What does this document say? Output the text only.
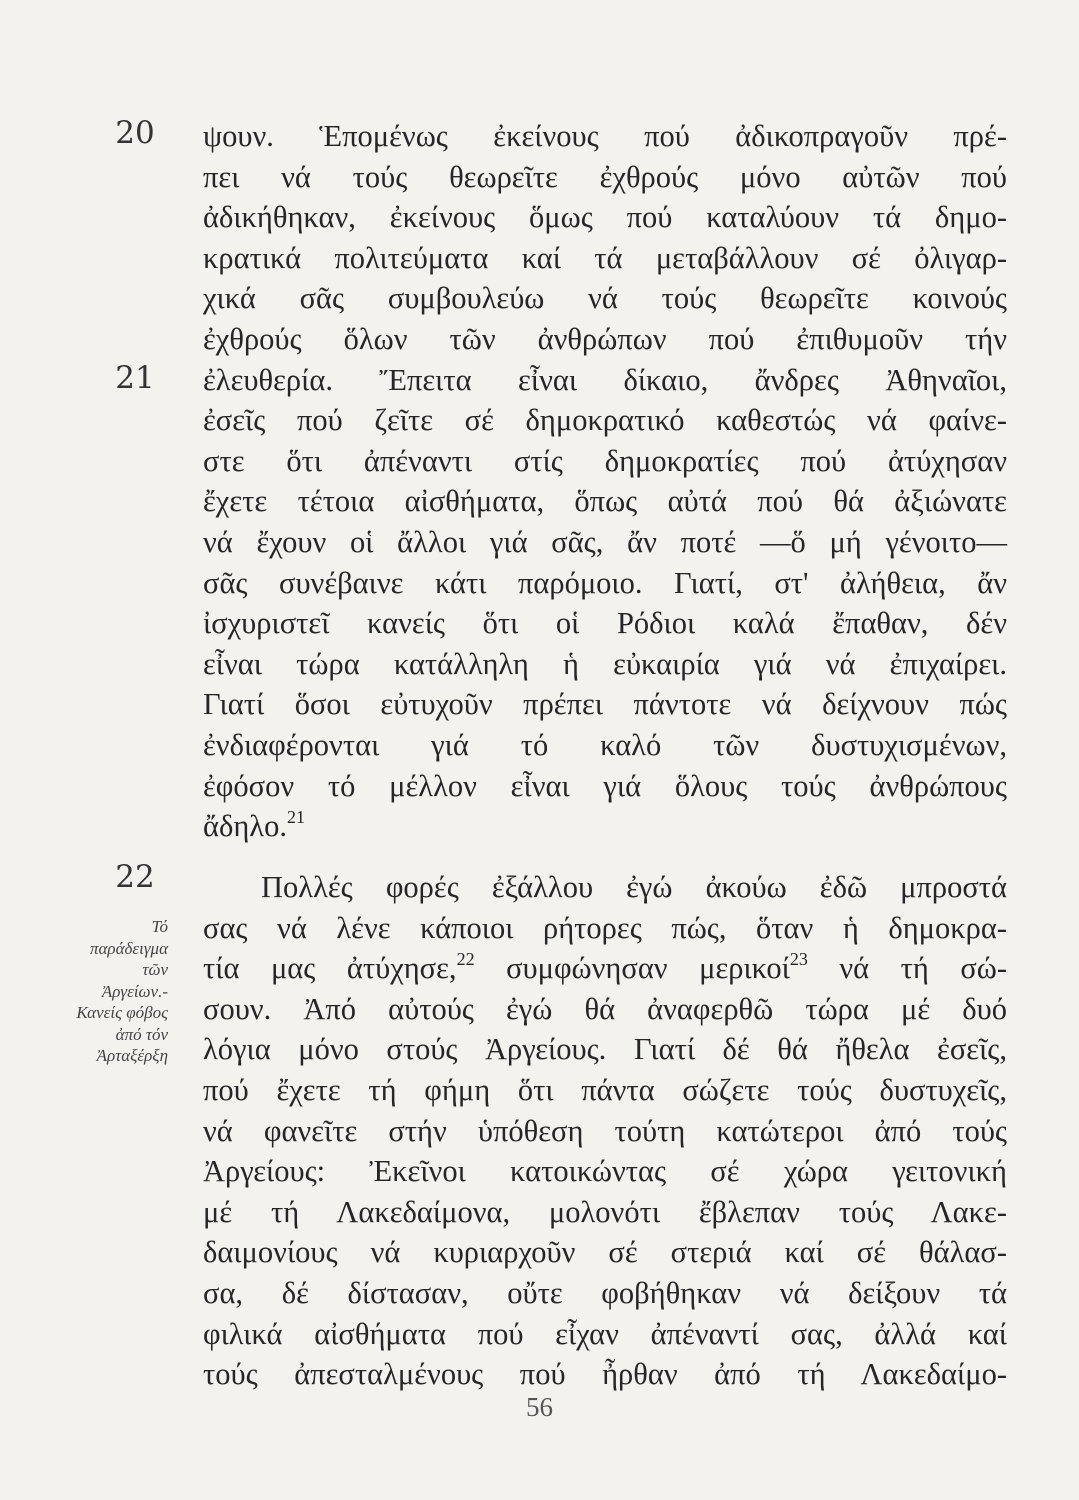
20
21
22
ψουν. Ἑπομένως ἐκείνους πού ἀδικοπραγοῦν πρέ-
πει νά τούς θεωρεῖτε ἐχθρούς μόνο αὐτῶν πού
ἀδικήθηκαν, ἐκείνους ὅμως πού καταλύουν τά δημο-
κρατικά πολιτεύματα καί τά μεταβάλλουν σέ ὀλιγαρ-
χικά σᾶς συμβουλεύω νά τούς θεωρεῖτε κοινούς
ἐχθρούς ὅλων τῶν ἀνθρώπων πού ἐπιθυμοῦν τήν
ἐλευθερία. Ἔπειτα εἶναι δίκαιο, ἄνδρες Ἀθηναῖοι,
ἐσεῖς πού ζεῖτε σέ δημοκρατικό καθεστώς νά φαίνε-
στε ὅτι ἀπέναντι στίς δημοκρατίες πού ἀτύχησαν
ἔχετε τέτοια αἰσθήματα, ὅπως αὐτά πού θά ἀξιώνατε
νά ἔχουν οἱ ἄλλοι γιά σᾶς, ἄν ποτέ —ὅ μή γένοιτο—
σᾶς συνέβαινε κάτι παρόμοιο. Γιατί, στ' ἀλήθεια, ἄν
ἰσχυριστεῖ κανείς ὅτι οἱ Ρόδιοι καλά ἔπαθαν, δέν
εἶναι τώρα κατάλληλη ἡ εὐκαιρία γιά νά ἐπιχαίρει.
Γιατί ὅσοι εὐτυχοῦν πρέπει πάντοτε νά δείχνουν πώς
ἐνδιαφέρονται γιά τό καλό τῶν δυστυχισμένων,
ἐφόσον τό μέλλον εἶναι γιά ὅλους τούς ἀνθρώπους
ἄδηλο.$^{21}$
Πολλές φορές ἐξάλλου ἐγώ ἀκούω ἐδῶ μπροστά
σας νά λένε κάποιοι ρήτορες πώς, ὅταν ἡ δημοκρα-
τία μας ἀτύχησε,$^{22}$ συμφώνησαν μερικοί$^{23}$ νά τή σώ-
σουν. Ἀπό αὐτούς ἐγώ θά ἀναφερθῶ τώρα μέ δυό
λόγια μόνο στούς Ἀργείους. Γιατί δέ θά ἤθελα ἐσεῖς,
πού ἔχετε τή φήμη ὅτι πάντα σώζετε τούς δυστυχεῖς,
νά φανεῖτε στήν ὑπόθεση τούτη κατώτεροι ἀπό τούς
Ἀργείους: Ἐκεῖνοι κατοικώντας σέ χώρα γειτονική
μέ τή Λακεδαίμονα, μολονότι ἔβλεπαν τούς Λακε-
δαιμονίους νά κυριαρχοῦν σέ στεριά καί σέ θάλασ-
σα, δέ δίστασαν, οὔτε φοβήθηκαν νά δείξουν τά
φιλικά αἰσθήματα πού εἶχαν ἀπέναντί σας, ἀλλά καί
τούς ἀπεσταλμένους πού ἦρθαν ἀπό τή Λακεδαίμο-
Τό
παράδειγμα
τῶν
Ἀργείων.-
Κανείς φόβος
ἀπό τόν
Ἀρταξέρξη
56
